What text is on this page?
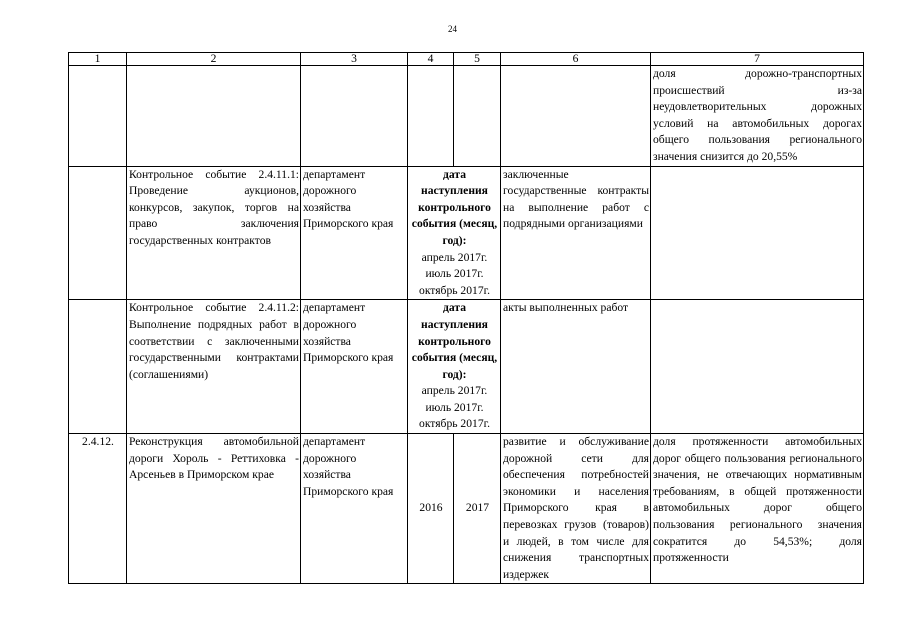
24
1	2	3	4	5	6	7
						доля дорожно-транспортных происшествий из-за неудовлетворительных дорожных условий на автомобильных дорогах общего пользования регионального значения снизится до 20,55%
	Контрольное событие 2.4.11.1: Проведение аукционов, конкурсов, закупок, торгов на право заключения государственных контрактов	департамент дорожного хозяйства Приморского края	дата наступления контрольного события (месяц, год):
апрель 2017г.
июль 2017г.
октябрь 2017г.		заключенные государственные контракты на выполнение работ с подрядными организациями	
	Контрольное событие 2.4.11.2: Выполнение подрядных работ в соответствии с заключенными государственными контрактами (соглашениями)	департамент дорожного хозяйства Приморского края	дата наступления контрольного события (месяц, год):
апрель 2017г.
июль 2017г.
октябрь 2017г.		акты выполненных работ	
2.4.12.	Реконструкция автомобильной дороги Хороль - Реттиховка - Арсеньев в Приморском крае	департамент дорожного хозяйства Приморского края	2016	2017	развитие и обслуживание дорожной сети для обеспечения потребностей экономики и населения Приморского края в перевозках грузов (товаров) и людей, в том числе для снижения транспортных издержек	доля протяженности автомобильных дорог общего пользования регионального значения, не отвечающих нормативным требованиям, в общей протяженности автомобильных дорог общего пользования регионального значения сократится до 54,53%; доля протяженности
